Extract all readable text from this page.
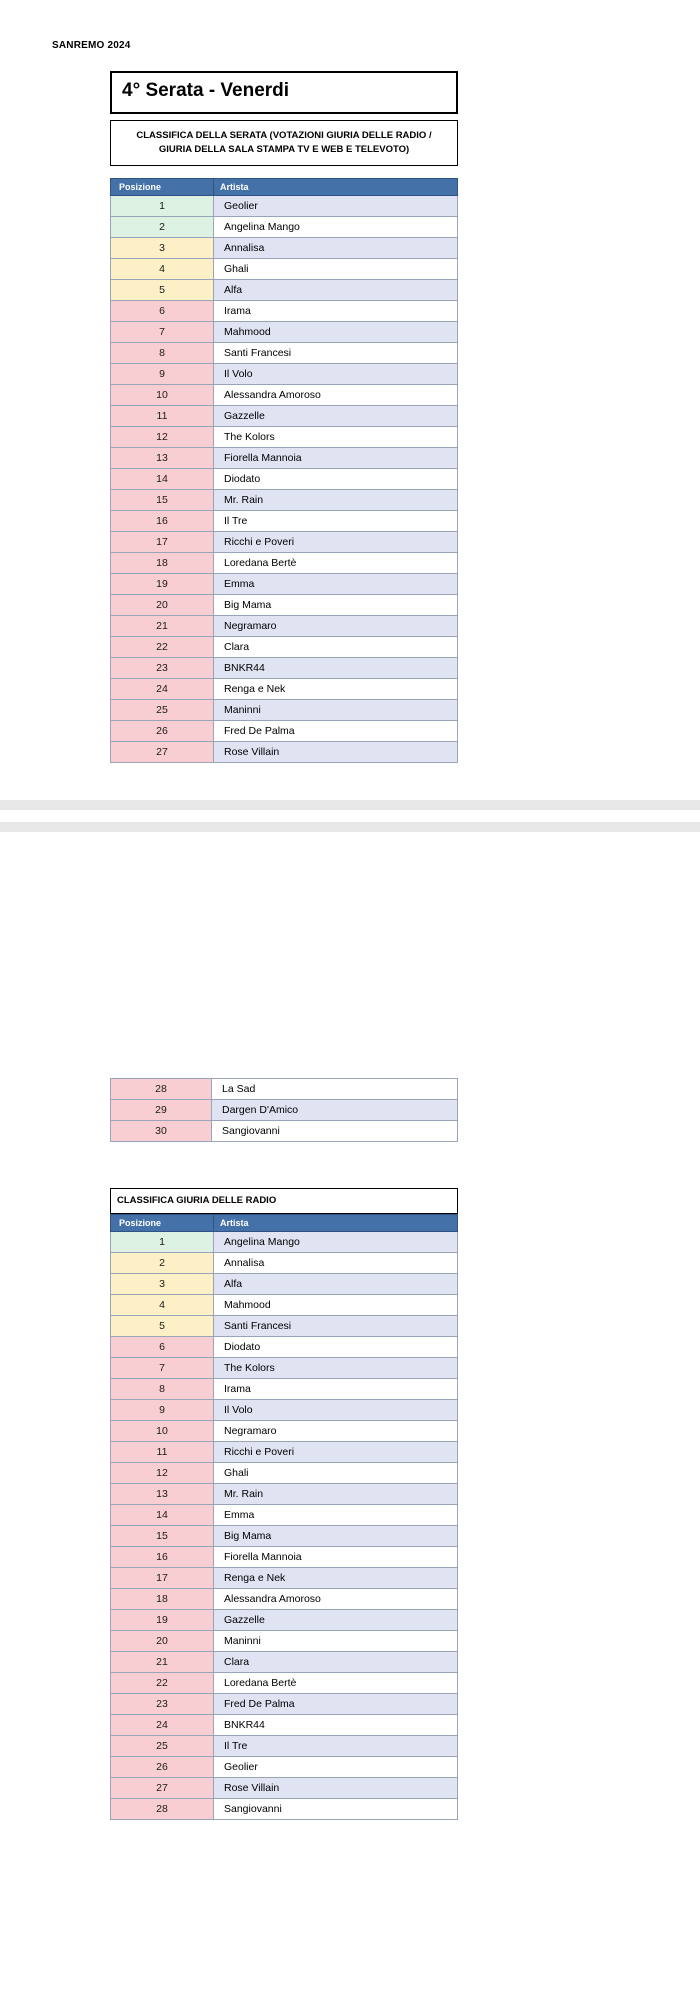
SANREMO 2024
4° Serata - Venerdi
CLASSIFICA DELLA SERATA (VOTAZIONI GIURIA DELLE RADIO / GIURIA DELLA SALA STAMPA TV E WEB E TELEVOTO)
Posizione	Artista
1	Geolier
2	Angelina Mango
3	Annalisa
4	Ghali
5	Alfa
6	Irama
7	Mahmood
8	Santi Francesi
9	Il Volo
10	Alessandra Amoroso
11	Gazzelle
12	The Kolors
13	Fiorella Mannoia
14	Diodato
15	Mr. Rain
16	Il Tre
17	Ricchi e Poveri
18	Loredana Bertè
19	Emma
20	Big Mama
21	Negramaro
22	Clara
23	BNKR44
24	Renga e Nek
25	Maninni
26	Fred De Palma
27	Rose Villain
28	La Sad
29	Dargen D'Amico
30	Sangiovanni
CLASSIFICA GIURIA DELLE RADIO
Posizione	Artista
1	Angelina Mango
2	Annalisa
3	Alfa
4	Mahmood
5	Santi Francesi
6	Diodato
7	The Kolors
8	Irama
9	Il Volo
10	Negramaro
11	Ricchi e Poveri
12	Ghali
13	Mr. Rain
14	Emma
15	Big Mama
16	Fiorella Mannoia
17	Renga e Nek
18	Alessandra Amoroso
19	Gazzelle
20	Maninni
21	Clara
22	Loredana Bertè
23	Fred De Palma
24	BNKR44
25	Il Tre
26	Geolier
27	Rose Villain
28	Sangiovanni
